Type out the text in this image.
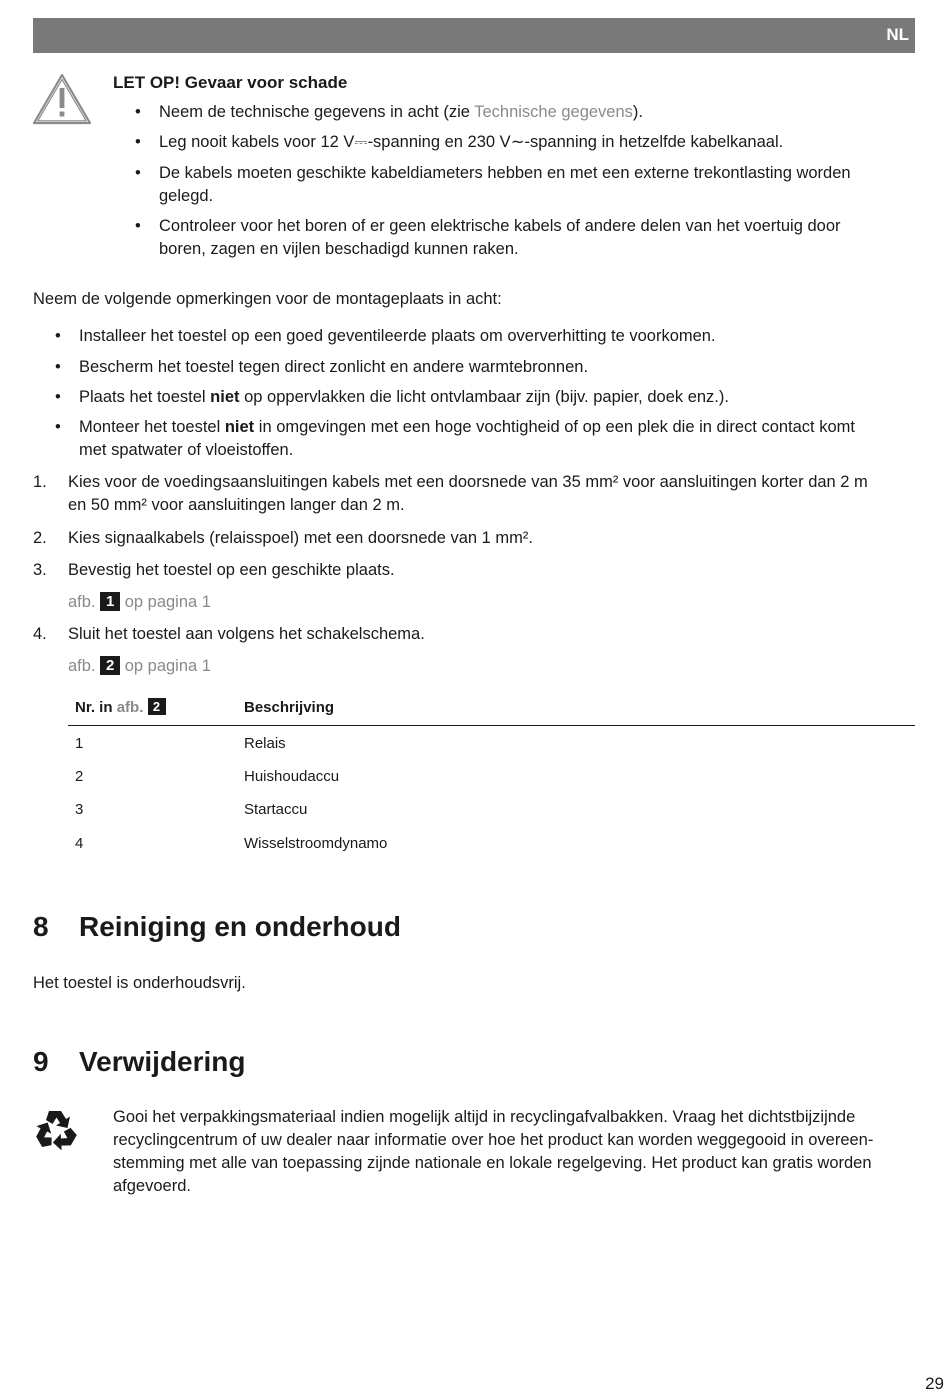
NL
LET OP! Gevaar voor schade
• Neem de technische gegevens in acht (zie Technische gegevens).
• Leg nooit kabels voor 12 V⎓-spanning en 230 V∼-spanning in hetzelfde kabelkanaal.
• De kabels moeten geschikte kabeldiameters hebben en met een externe trekontlasting worden
gelegd.
• Controleer voor het boren of er geen elektrische kabels of andere delen van het voertuig door
boren, zagen en vijlen beschadigd kunnen raken.
Neem de volgende opmerkingen voor de montageplaats in acht:
• Installeer het toestel op een goed geventileerde plaats om oververhitting te voorkomen.
• Bescherm het toestel tegen direct zonlicht en andere warmtebronnen.
• Plaats het toestel niet op oppervlakken die licht ontvlambaar zijn (bijv. papier, doek enz.).
• Monteer het toestel niet in omgevingen met een hoge vochtigheid of op een plek die in direct contact komt
met spatwater of vloeistoffen.
1. Kies voor de voedingsaansluitingen kabels met een doorsnede van 35 mm² voor aansluitingen korter dan 2 m
en 50 mm² voor aansluitingen langer dan 2 m.
2. Kies signaalkabels (relaisspoel) met een doorsnede van 1 mm².
3. Bevestig het toestel op een geschikte plaats.
afb. 1 op pagina 1
4. Sluit het toestel aan volgens het schakelschema.
afb. 2 op pagina 1
Nr. in afb. 2	Beschrijving
1	Relais
2	Huishoudaccu
3	Startaccu
4	Wisselstroomdynamo
8 Reiniging en onderhoud
Het toestel is onderhoudsvrij.
9 Verwijdering
Gooi het verpakkingsmateriaal indien mogelijk altijd in recyclingafvalbakken. Vraag het dichtstbijzijnde
recyclingcentrum of uw dealer naar informatie over hoe het product kan worden weggegooid in overeen-
stemming met alle van toepassing zijnde nationale en lokale regelgeving. Het product kan gratis worden
afgevoerd.
29
